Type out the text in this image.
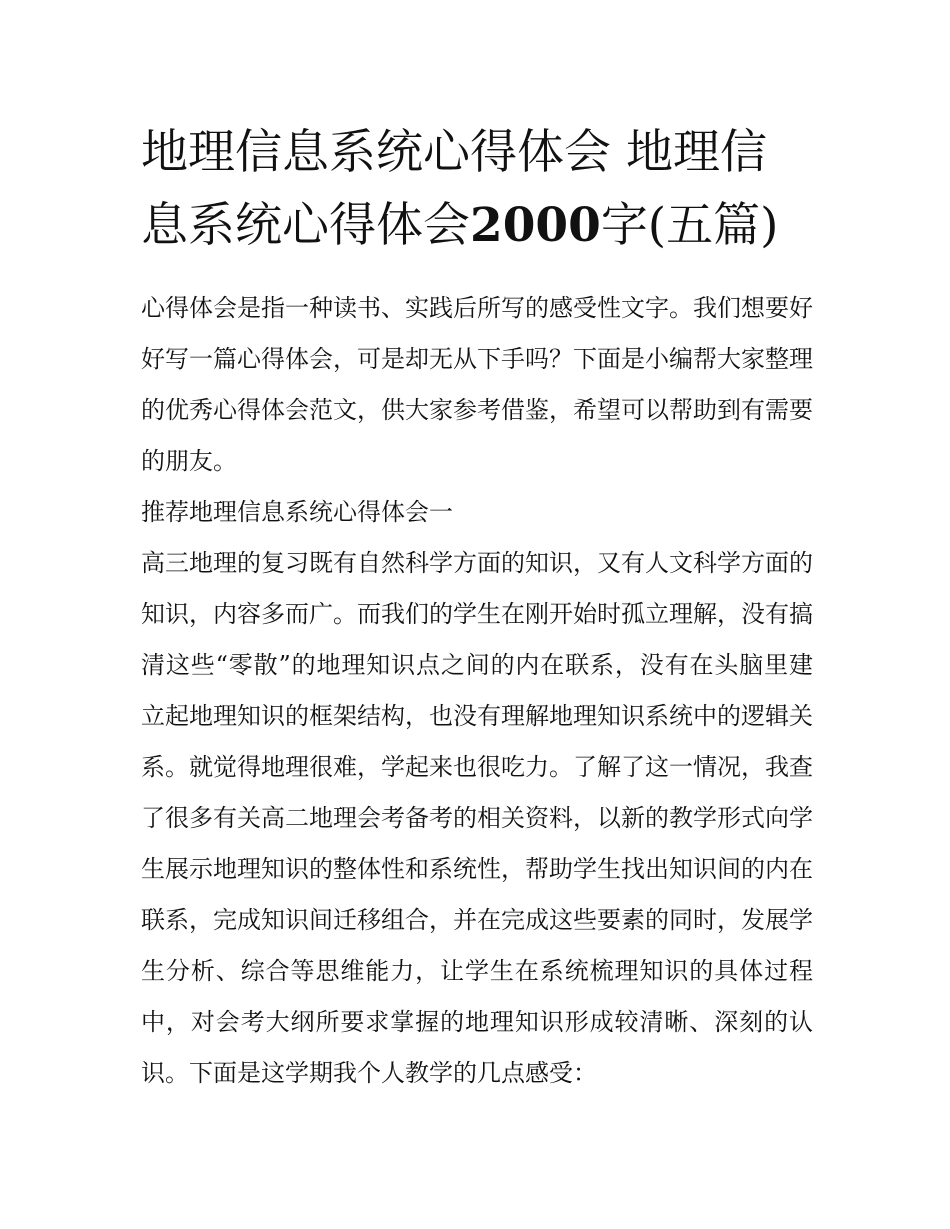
地理信息系统心得体会 地理信息系统心得体会2000字(五篇)

心得体会是指一种读书、实践后所写的感受性文字。我们想要好好写一篇心得体会，可是却无从下手吗？下面是小编帮大家整理的优秀心得体会范文，供大家参考借鉴，希望可以帮助到有需要的朋友。

推荐地理信息系统心得体会一

高三地理的复习既有自然科学方面的知识，又有人文科学方面的知识，内容多而广。而我们的学生在刚开始时孤立理解，没有搞清这些“零散”的地理知识点之间的内在联系，没有在头脑里建立起地理知识的框架结构，也没有理解地理知识系统中的逻辑关系。就觉得地理很难，学起来也很吃力。了解了这一情况，我查了很多有关高二地理会考备考的相关资料，以新的教学形式向学生展示地理知识的整体性和系统性，帮助学生找出知识间的内在联系，完成知识间迁移组合，并在完成这些要素的同时，发展学生分析、综合等思维能力，让学生在系统梳理知识的具体过程中，对会考大纲所要求掌握的地理知识形成较清晰、深刻的认识。下面是这学期我个人教学的几点感受：
